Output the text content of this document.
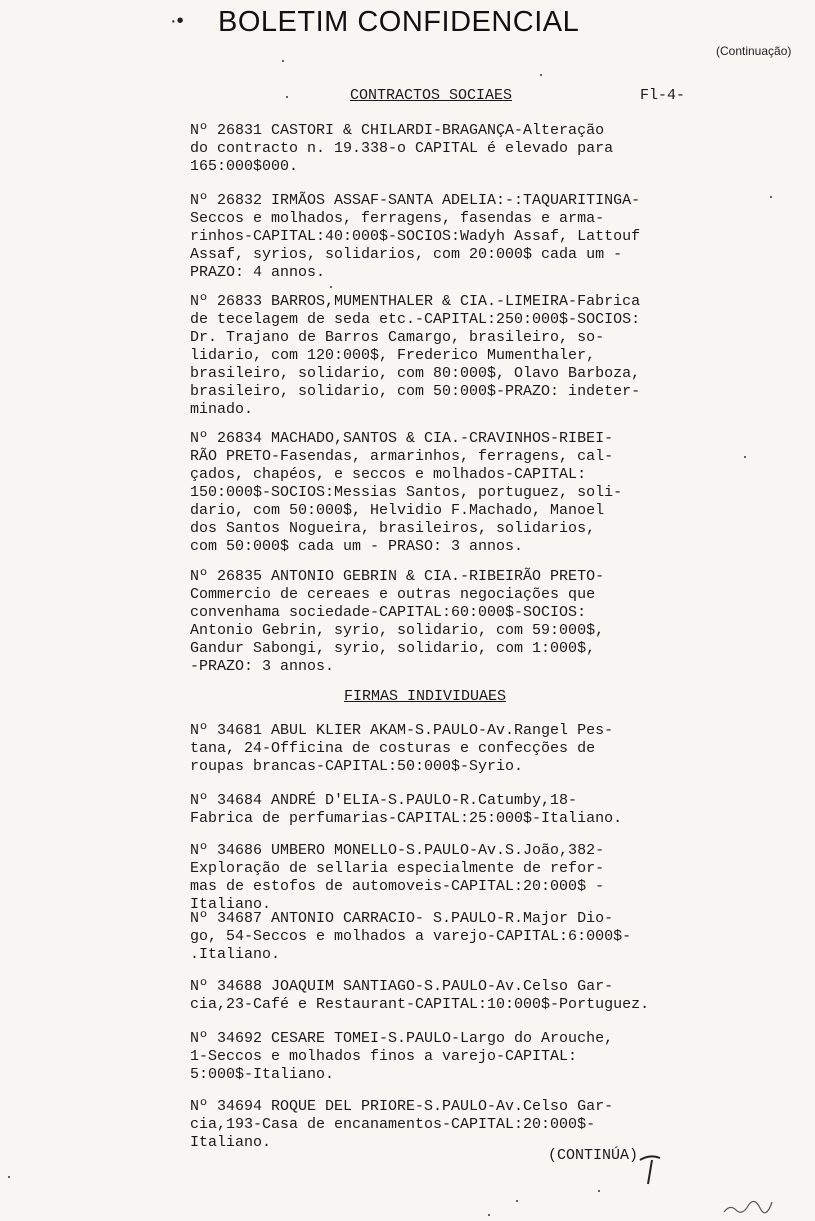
·• BOLETIM CONFIDENCIAL
(Continuação)
CONTRACTOS SOCIAES	Fl-4-
Nº 26831 CASTORI & CHILARDI-BRAGANÇA-Alteração
do contracto n. 19.338-o CAPITAL é elevado para
165:000$000.
Nº 26832 IRMÃOS ASSAF-SANTA ADELIA:-:TAQUARITINGA-
Seccos e molhados, ferragens, fasendas e arma-
rinhos-CAPITAL:40:000$-SOCIOS:Wadyh Assaf, Lattouf
Assaf, syrios, solidarios, com 20:000$ cada um -
PRAZO: 4 annos.
Nº 26833 BARROS,MUMENTHALER & CIA.-LIMEIRA-Fabrica
de tecelagem de seda etc.-CAPITAL:250:000$-SOCIOS:
Dr. Trajano de Barros Camargo, brasileiro, so-
lidario, com 120:000$, Frederico Mumenthaler,
brasileiro, solidario, com 80:000$, Olavo Barboza,
brasileiro, solidario, com 50:000$-PRAZO: indeter-
minado.
Nº 26834 MACHADO,SANTOS & CIA.-CRAVINHOS-RIBEI-
RÃO PRETO-Fasendas, armarinhos, ferragens, cal-
çados, chapéos, e seccos e molhados-CAPITAL:
150:000$-SOCIOS:Messias Santos, portuguez, soli-
dario, com 50:000$, Helvidio F.Machado, Manoel
dos Santos Nogueira, brasileiros, solidarios,
com 50:000$ cada um - PRASO: 3 annos.
Nº 26835 ANTONIO GEBRIN & CIA.-RIBEIRÃO PRETO-
Commercio de cereaes e outras negociações que
convenhama sociedade-CAPITAL:60:000$-SOCIOS:
Antonio Gebrin, syrio, solidario, com 59:000$,
Gandur Sabongi, syrio, solidario, com 1:000$,
-PRAZO: 3 annos.
FIRMAS INDIVIDUAES
Nº 34681 ABUL KLIER AKAM-S.PAULO-Av.Rangel Pes-
tana, 24-Officina de costuras e confecções de
roupas brancas-CAPITAL:50:000$-Syrio.
Nº 34684 ANDRÉ D'ELIA-S.PAULO-R.Catumby,18-
Fabrica de perfumarias-CAPITAL:25:000$-Italiano.
Nº 34686 UMBERO MONELLO-S.PAULO-Av.S.João,382-
Exploração de sellaria especialmente de refor-
mas de estofos de automoveis-CAPITAL:20:000$ -
Italiano.
Nº 34687 ANTONIO CARRACIO- S.PAULO-R.Major Dio-
go, 54-Seccos e molhados a varejo-CAPITAL:6:000$-
.Italiano.
Nº 34688 JOAQUIM SANTIAGO-S.PAULO-Av.Celso Gar-
cia,23-Café e Restaurant-CAPITAL:10:000$-Portuguez.
Nº 34692 CESARE TOMEI-S.PAULO-Largo do Arouche,
1-Seccos e molhados finos a varejo-CAPITAL:
5:000$-Italiano.
Nº 34694 ROQUE DEL PRIORE-S.PAULO-Av.Celso Gar-
cia,193-Casa de encanamentos-CAPITAL:20:000$-
Italiano.
(CONTINÚA)
